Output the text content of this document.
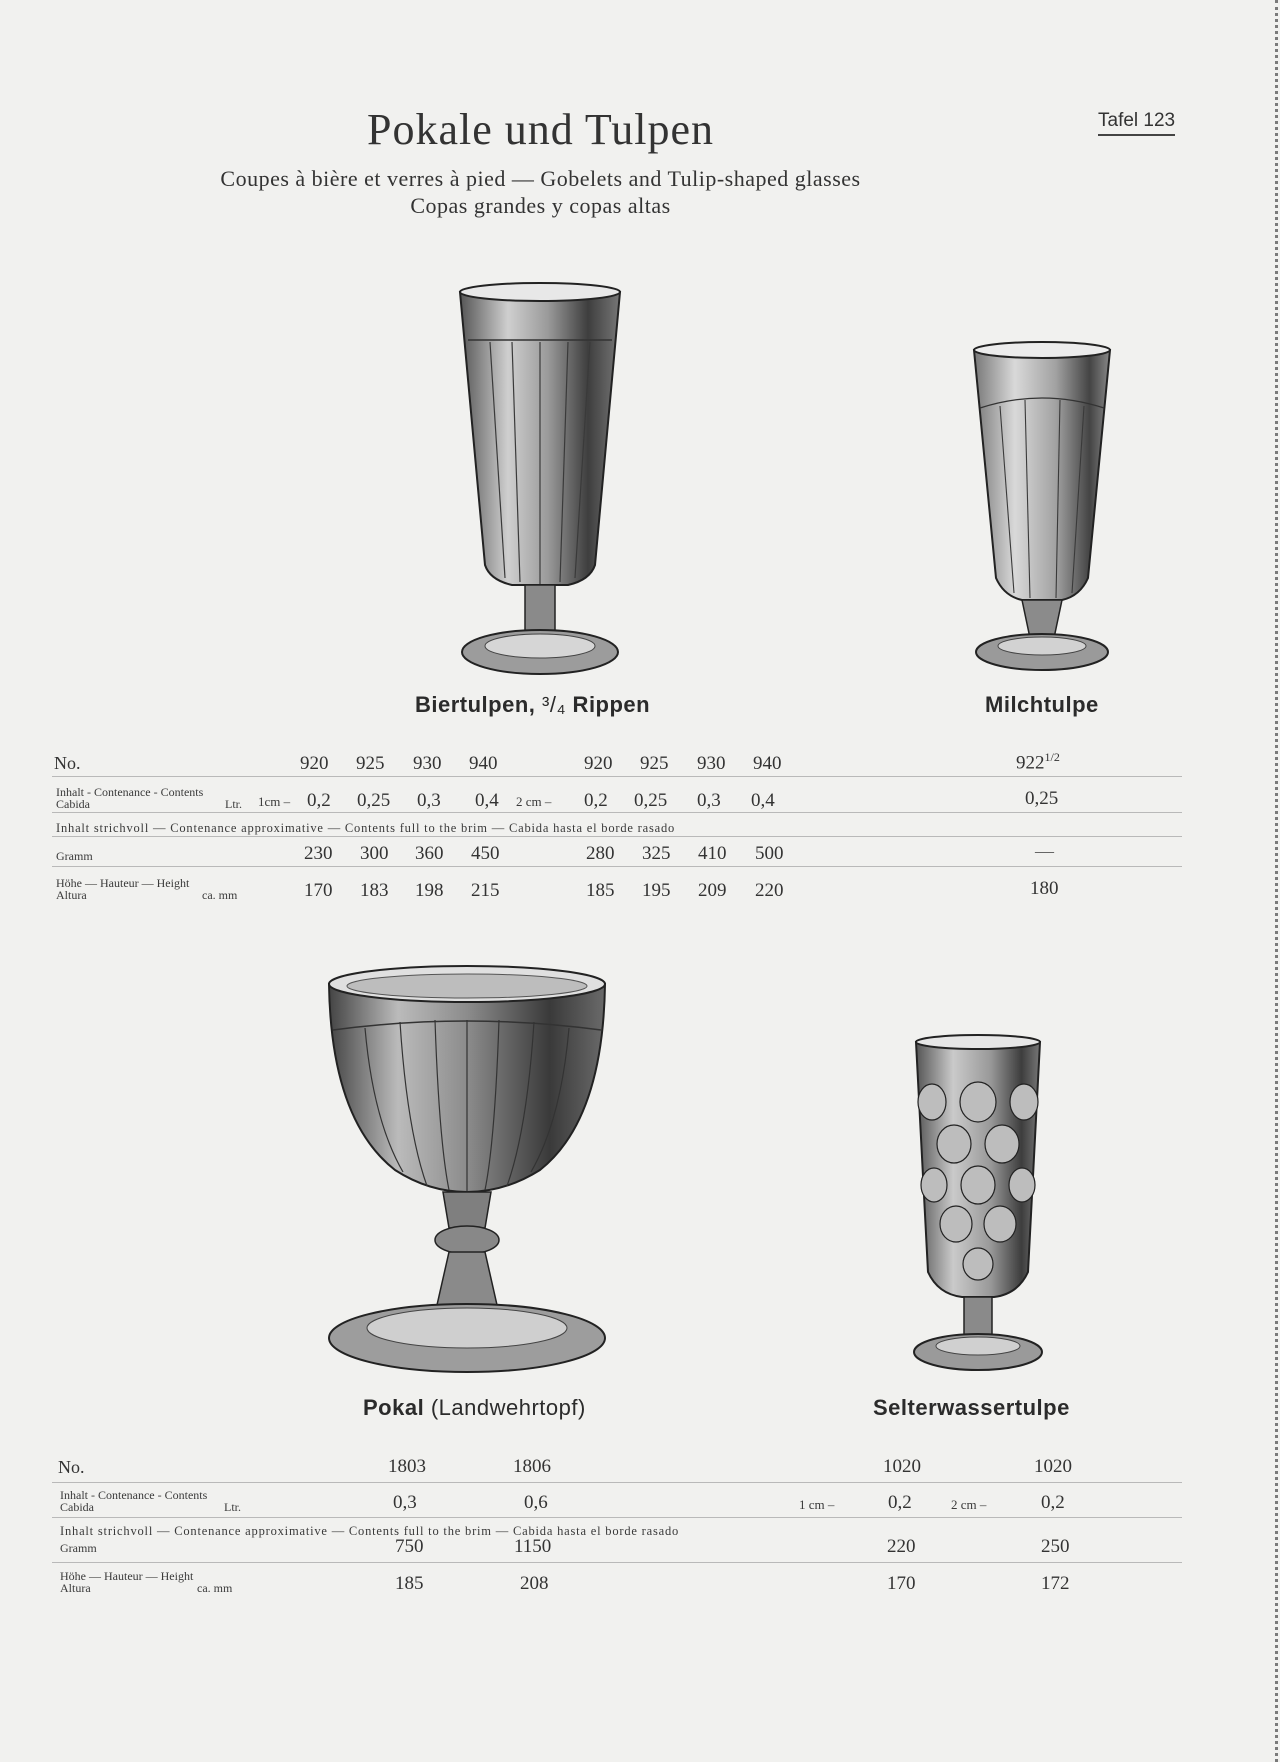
Pokale und Tulpen	Tafel 123
Coupes à bière et verres à pied — Gobelets and Tulip-shaped glasses
Copas grandes y copas altas
Biertulpen, ³/₄ Rippen	Milchtulpe
Pokal (Landwehrtopf)	Selterwassertulpe
No.	920 925 930 940	920 925 930 940	$922^{1/2}$
Inhalt - Contenance - Contents
Cabida	Ltr. 1cm – 0,2 0,25 0,3 0,4 2 cm – 0,2 0,25 0,3 0,4	0,25
Inhalt strichvoll — Contenance approximative — Contents full to the brim — Cabida hasta el borde rasado
Gramm	230 300 360 450	280 325 410 500	—
Höhe — Hauteur — Height
Altura	ca. mm	170 183 198 215	185 195 209 220	180
No.	1803	1806	1020	1020
Inhalt - Contenance - Contents
Cabida	Ltr.	0,3	0,6	1 cm –	0,2	2 cm –	0,2
Inhalt strichvoll — Contenance approximative — Contents full to the brim — Cabida hasta el borde rasado
Gramm	750	1150	220	250
Höhe — Hauteur — Height
Altura	ca. mm	185	208	170	172
